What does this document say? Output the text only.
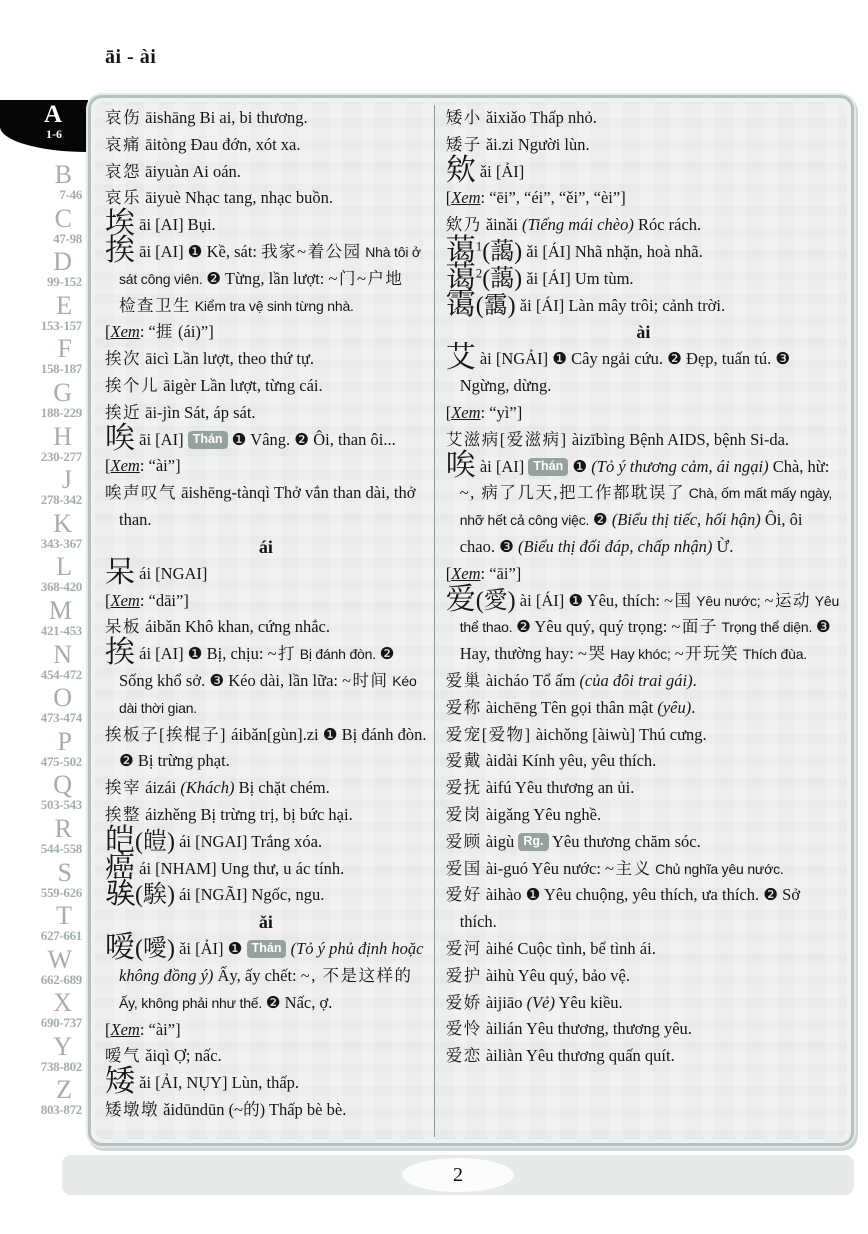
āi - ài
A
1-6
B
7-46
C
47-98
D
99-152
E
153-157
F
158-187
G
188-229
H
230-277
J
278-342
K
343-367
L
368-420
M
421-453
N
454-472
O
473-474
P
475-502
Q
503-543
R
544-558
S
559-626
T
627-661
W
662-689
X
690-737
Y
738-802
Z
803-872
哀伤 āishāng Bi ai, bi thương.
哀痛 āitòng Đau đớn, xót xa.
哀怨 āiyuàn Ai oán.
哀乐 āiyuè Nhạc tang, nhạc buồn.
埃 āi [AI] Bụi.
挨 āi [AI] ❶ Kề, sát: 我家~着公园 Nhà tôi ở sát công viên. ❷ Từng, lần lượt: ~门~户地 检查卫生 Kiểm tra vệ sinh từng nhà.
[Xem: “捱 (ái)”]
挨次 āicì Lần lượt, theo thứ tự.
挨个儿 āigèr Lần lượt, từng cái.
挨近 āi-jìn Sát, áp sát.
唉 āi [AI] Thán ❶ Vâng. ❷ Ôi, than ôi...
[Xem: “ài”]
唉声叹气 āishēng-tànqì Thở vắn than dài, thở than.
ái
呆 ái [NGAI]
[Xem: “dāi”]
呆板 áibǎn Khô khan, cứng nhắc.
挨 ái [AI] ❶ Bị, chịu: ~打 Bị đánh đòn. ❷ Sống khổ sở. ❸ Kéo dài, lần lữa: ~时间 Kéo dài thời gian.
挨板子[挨棍子] áibǎn[gùn].zi ❶ Bị đánh đòn. ❷ Bị trừng phạt.
挨宰 áizái (Khách) Bị chặt chém.
挨整 áizhěng Bị trừng trị, bị bức hại.
皑(皚) ái [NGAI] Trắng xóa.
癌 ái [NHAM] Ung thư, u ác tính.
𫘤(騃) ái [NGÃI] Ngốc, ngu.
ǎi
嗳(噯) ǎi [ẢI] ❶ Thán (Tỏ ý phủ định hoặc không đồng ý) Ấy, ấy chết: ~, 不是这样的 Ấy, không phải như thế. ❷ Nấc, ợ.
[Xem: “ài”]
嗳气 ǎiqì Ợ; nấc.
矮 ǎi [ẢI, NỤY] Lùn, thấp.
矮墩墩 ǎidūndūn (~的) Thấp bè bè.
矮小 ǎixiǎo Thấp nhỏ.
矮子 ǎi.zi Người lùn.
欸 ǎi [ẢI]
[Xem: “ēi”, “éi”, “ěi”, “èi”]
欸乃 ǎinǎi (Tiếng mái chèo) Róc rách.
蔼$^1$(藹) ǎi [ÁI] Nhã nhặn, hoà nhã.
蔼$^2$(藹) ǎi [ÁI] Um tùm.
霭(靄) ǎi [ÁI] Làn mây trôi; cảnh trời.
ài
艾 ài [NGẢI] ❶ Cây ngải cứu. ❷ Đẹp, tuấn tú. ❸ Ngừng, dừng.
[Xem: “yì”]
艾滋病[爱滋病] àizībìng Bệnh AIDS, bệnh Si-da.
唉 ài [AI] Thán ❶ (Tỏ ý thương cảm, ái ngại) Chà, hừ: ~, 病了几天,把工作都耽误了 Chà, ốm mất mấy ngày, nhỡ hết cả công việc. ❷ (Biểu thị tiếc, hối hận) Ôi, ôi chao. ❸ (Biểu thị đối đáp, chấp nhận) Ừ.
[Xem: “āi”]
爱(愛) ài [ÁI] ❶ Yêu, thích: ~国 Yêu nước; ~运动 Yêu thể thao. ❷ Yêu quý, quý trọng: ~面子 Trọng thể diện. ❸ Hay, thường hay: ~哭 Hay khóc; ~开玩笑 Thích đùa.
爱巢 àicháo Tổ ấm (của đôi trai gái).
爱称 àichēng Tên gọi thân mật (yêu).
爱宠[爱物] àichǒng [àiwù] Thú cưng.
爱戴 àidài Kính yêu, yêu thích.
爱抚 àifú Yêu thương an ủi.
爱岗 àigǎng Yêu nghề.
爱顾 àigù Rg. Yêu thương chăm sóc.
爱国 ài-guó Yêu nước: ~主义 Chủ nghĩa yêu nước.
爱好 àihào ❶ Yêu chuộng, yêu thích, ưa thích. ❷ Sở thích.
爱河 àihé Cuộc tình, bể tình ái.
爱护 àihù Yêu quý, bảo vệ.
爱娇 àijiāo (Vẻ) Yêu kiều.
爱怜 àilián Yêu thương, thương yêu.
爱恋 àiliàn Yêu thương quấn quít.
2
